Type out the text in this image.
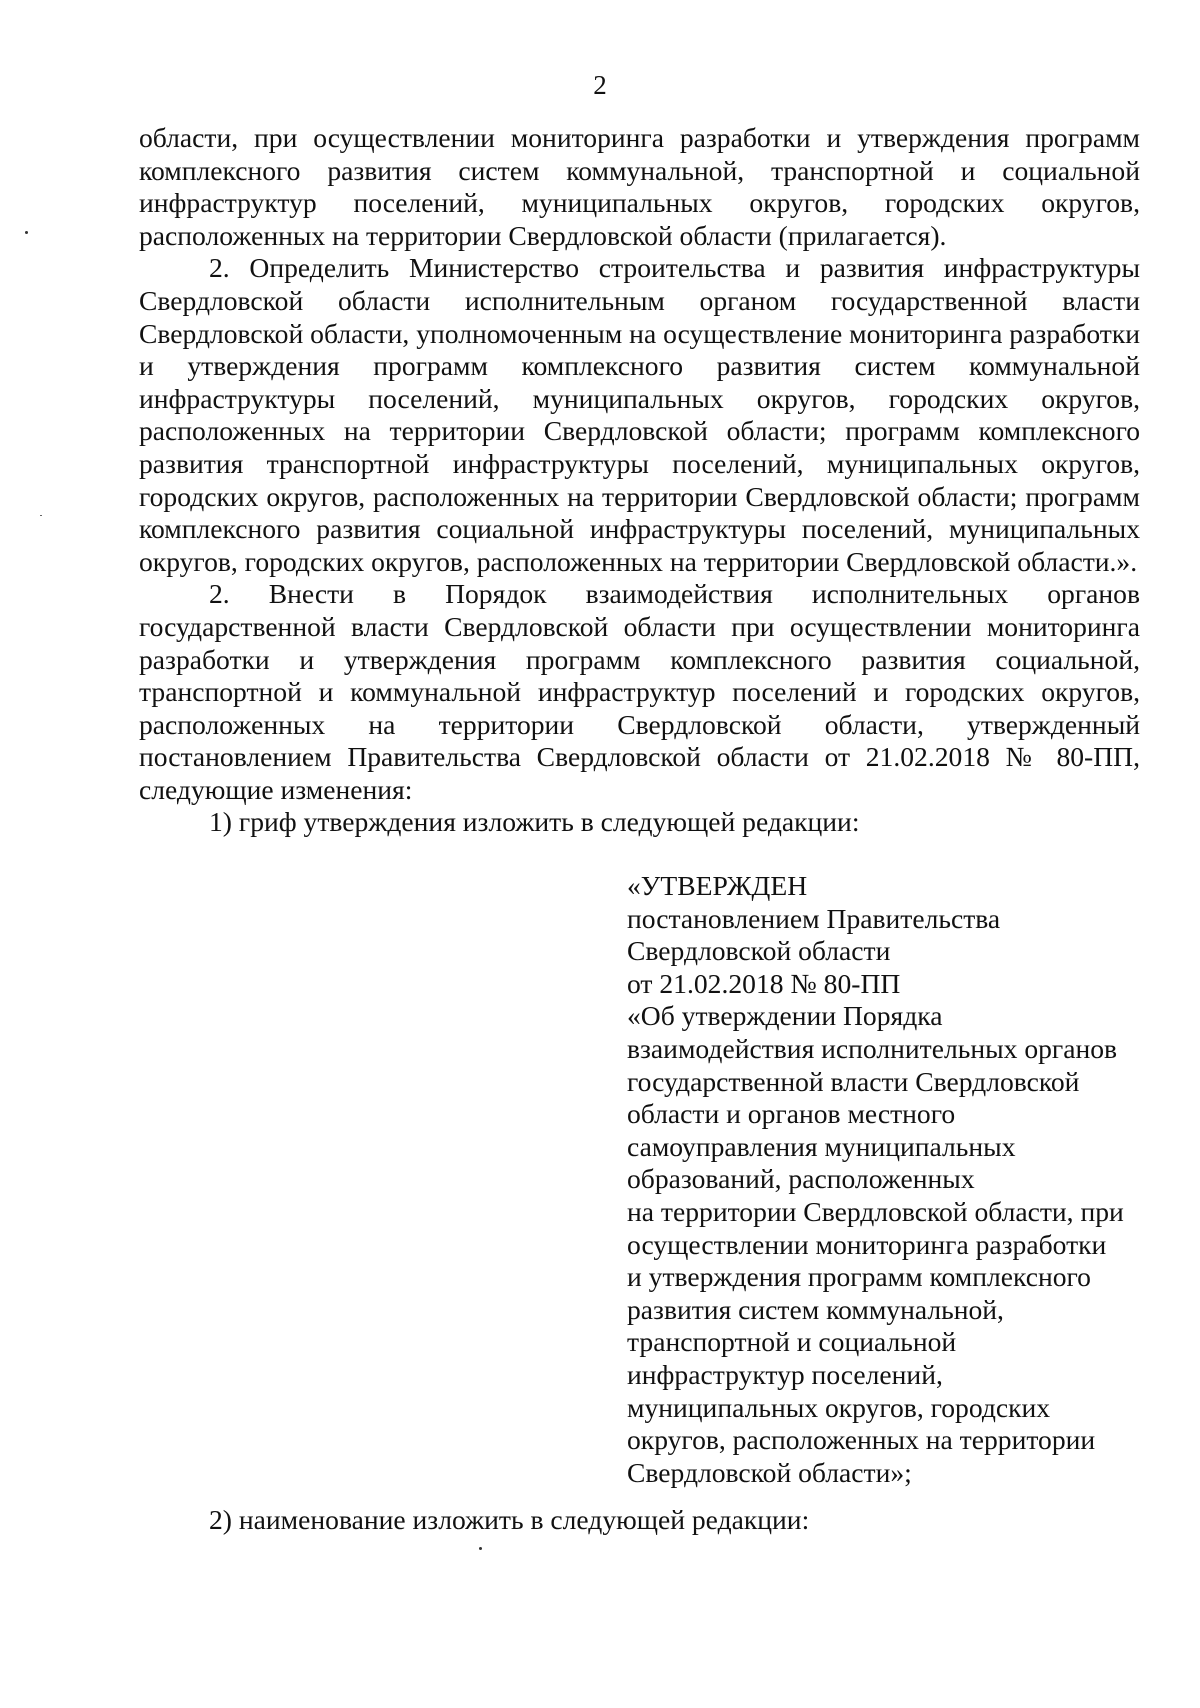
2

области, при осуществлении мониторинга разработки и утверждения программ комплексного развития систем коммунальной, транспортной и социальной инфраструктур поселений, муниципальных округов, городских округов, расположенных на территории Свердловской области (прилагается).

2. Определить Министерство строительства и развития инфраструктуры Свердловской области исполнительным органом государственной власти Свердловской области, уполномоченным на осуществление мониторинга разработки и утверждения программ комплексного развития систем коммунальной инфраструктуры поселений, муниципальных округов, городских округов, расположенных на территории Свердловской области; программ комплексного развития транспортной инфраструктуры поселений, муниципальных округов, городских округов, расположенных на территории Свердловской области; программ комплексного развития социальной инфраструктуры поселений, муниципальных округов, городских округов, расположенных на территории Свердловской области.».

2. Внести в Порядок взаимодействия исполнительных органов государственной власти Свердловской области при осуществлении мониторинга разработки и утверждения программ комплексного развития социальной, транспортной и коммунальной инфраструктур поселений и городских округов, расположенных на территории Свердловской области, утвержденный постановлением Правительства Свердловской области от 21.02.2018 № 80-ПП, следующие изменения:

1) гриф утверждения изложить в следующей редакции:

«УТВЕРЖДЕН
постановлением Правительства
Свердловской области
от 21.02.2018 № 80-ПП
«Об утверждении Порядка
взаимодействия исполнительных органов
государственной власти Свердловской
области и органов местного
самоуправления муниципальных
образований, расположенных
на территории Свердловской области, при
осуществлении мониторинга разработки
и утверждения программ комплексного
развития систем коммунальной,
транспортной и социальной
инфраструктур поселений,
муниципальных округов, городских
округов, расположенных на территории
Свердловской области»;

2) наименование изложить в следующей редакции:
